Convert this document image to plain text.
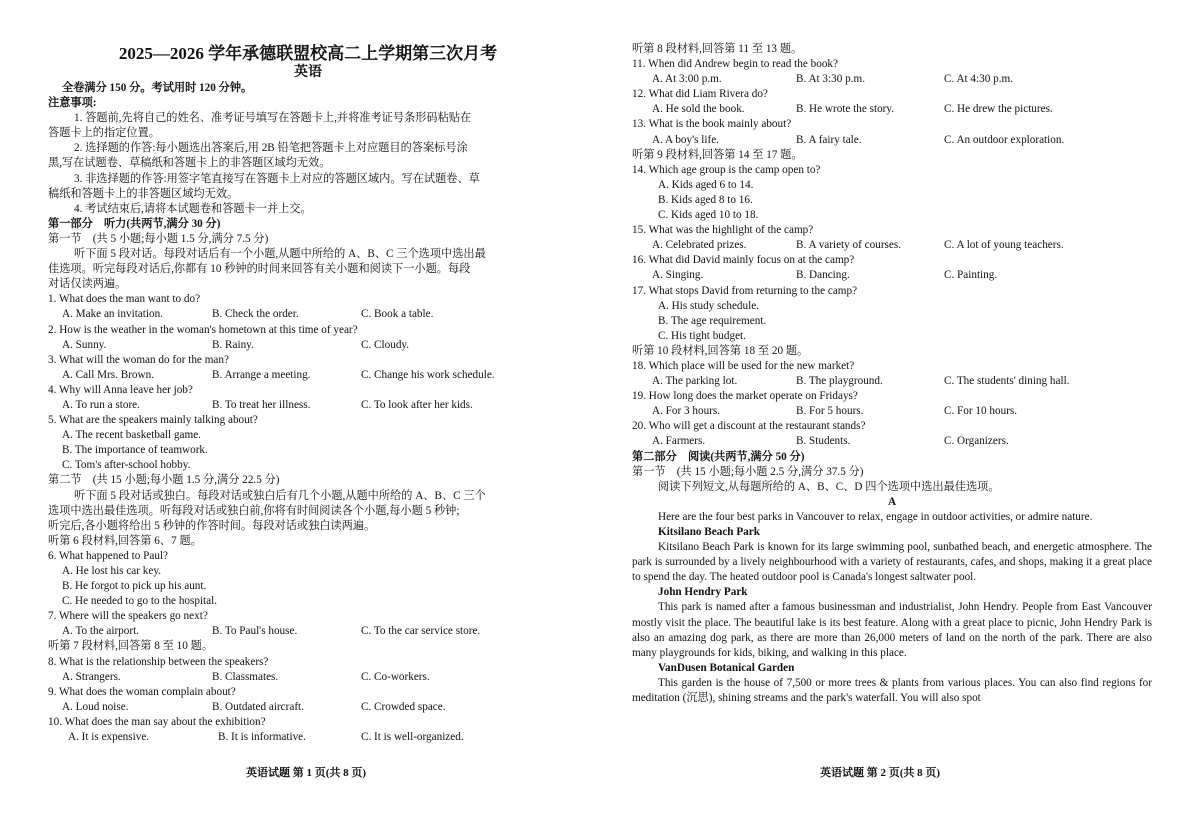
2025—2026 学年承德联盟校高二上学期第三次月考
英语
全卷满分 150 分。考试用时 120 分钟。
注意事项:
1. 答题前,先将自己的姓名、准考证号填写在答题卡上,并将准考证号条形码粘贴在
答题卡上的指定位置。
2. 选择题的作答:每小题选出答案后,用 2B 铅笔把答题卡上对应题目的答案标号涂
黑,写在试题卷、草稿纸和答题卡上的非答题区域均无效。
3. 非选择题的作答:用签字笔直接写在答题卡上对应的答题区域内。写在试题卷、草
稿纸和答题卡上的非答题区域均无效。
4. 考试结束后,请将本试题卷和答题卡一并上交。
第一部分　听力(共两节,满分 30 分)
第一节　(共 5 小题;每小题 1.5 分,满分 7.5 分)
听下面 5 段对话。每段对话后有一个小题,从题中所给的 A、B、C 三个选项中选出最
佳选项。听完每段对话后,你都有 10 秒钟的时间来回答有关小题和阅读下一小题。每段
对话仅读两遍。
1. What does the man want to do?
A. Make an invitation.	B. Check the order.	C. Book a table.
2. How is the weather in the woman's hometown at this time of year?
A. Sunny.	B. Rainy.	C. Cloudy.
3. What will the woman do for the man?
A. Call Mrs. Brown.	B. Arrange a meeting.	C. Change his work schedule.
4. Why will Anna leave her job?
A. To run a store.	B. To treat her illness.	C. To look after her kids.
5. What are the speakers mainly talking about?
A. The recent basketball game.
B. The importance of teamwork.
C. Tom's after-school hobby.
第二节　(共 15 小题;每小题 1.5 分,满分 22.5 分)
听下面 5 段对话或独白。每段对话或独白后有几个小题,从题中所给的 A、B、C 三个
选项中选出最佳选项。听每段对话或独白前,你将有时间阅读各个小题,每小题 5 秒钟;
听完后,各小题将给出 5 秒钟的作答时间。每段对话或独白读两遍。
听第 6 段材料,回答第 6、7 题。
6. What happened to Paul?
A. He lost his car key.
B. He forgot to pick up his aunt.
C. He needed to go to the hospital.
7. Where will the speakers go next?
A. To the airport.	B. To Paul's house.	C. To the car service store.
听第 7 段材料,回答第 8 至 10 题。
8. What is the relationship between the speakers?
A. Strangers.	B. Classmates.	C. Co-workers.
9. What does the woman complain about?
A. Loud noise.	B. Outdated aircraft.	C. Crowded space.
10. What does the man say about the exhibition?
A. It is expensive.	B. It is informative.	C. It is well-organized.
听第 8 段材料,回答第 11 至 13 题。
11. When did Andrew begin to read the book?
A. At 3:00 p.m.	B. At 3:30 p.m.	C. At 4:30 p.m.
12. What did Liam Rivera do?
A. He sold the book.	B. He wrote the story.	C. He drew the pictures.
13. What is the book mainly about?
A. A boy's life.	B. A fairy tale.	C. An outdoor exploration.
听第 9 段材料,回答第 14 至 17 题。
14. Which age group is the camp open to?
A. Kids aged 6 to 14.
B. Kids aged 8 to 16.
C. Kids aged 10 to 18.
15. What was the highlight of the camp?
A. Celebrated prizes.	B. A variety of courses.	C. A lot of young teachers.
16. What did David mainly focus on at the camp?
A. Singing.	B. Dancing.	C. Painting.
17. What stops David from returning to the camp?
A. His study schedule.
B. The age requirement.
C. His tight budget.
听第 10 段材料,回答第 18 至 20 题。
18. Which place will be used for the new market?
A. The parking lot.	B. The playground.	C. The students' dining hall.
19. How long does the market operate on Fridays?
A. For 3 hours.	B. For 5 hours.	C. For 10 hours.
20. Who will get a discount at the restaurant stands?
A. Farmers.	B. Students.	C. Organizers.
第二部分　阅读(共两节,满分 50 分)
第一节　(共 15 小题;每小题 2.5 分,满分 37.5 分)
阅读下列短文,从每题所给的 A、B、C、D 四个选项中选出最佳选项。
A
Here are the four best parks in Vancouver to relax, engage in outdoor activities, or admire nature.
Kitsilano Beach Park
Kitsilano Beach Park is known for its large swimming pool, sunbathed beach, and energetic atmosphere. The park is surrounded by a lively neighbourhood with a variety of restaurants, cafes, and shops, making it a great place to spend the day. The heated outdoor pool is Canada's longest saltwater pool.
John Hendry Park
This park is named after a famous businessman and industrialist, John Hendry. People from East Vancouver mostly visit the place. The beautiful lake is its best feature. Along with a great place to picnic, John Hendry Park is also an amazing dog park, as there are more than 26,000 meters of land on the north of the park. There are also many playgrounds for kids, biking, and walking in this place.
VanDusen Botanical Garden
This garden is the house of 7,500 or more trees & plants from various places. You can also find regions for meditation (沉思), shining streams and the park's waterfall. You will also spot
英语试题 第 1 页(共 8 页)	英语试题 第 2 页(共 8 页)
